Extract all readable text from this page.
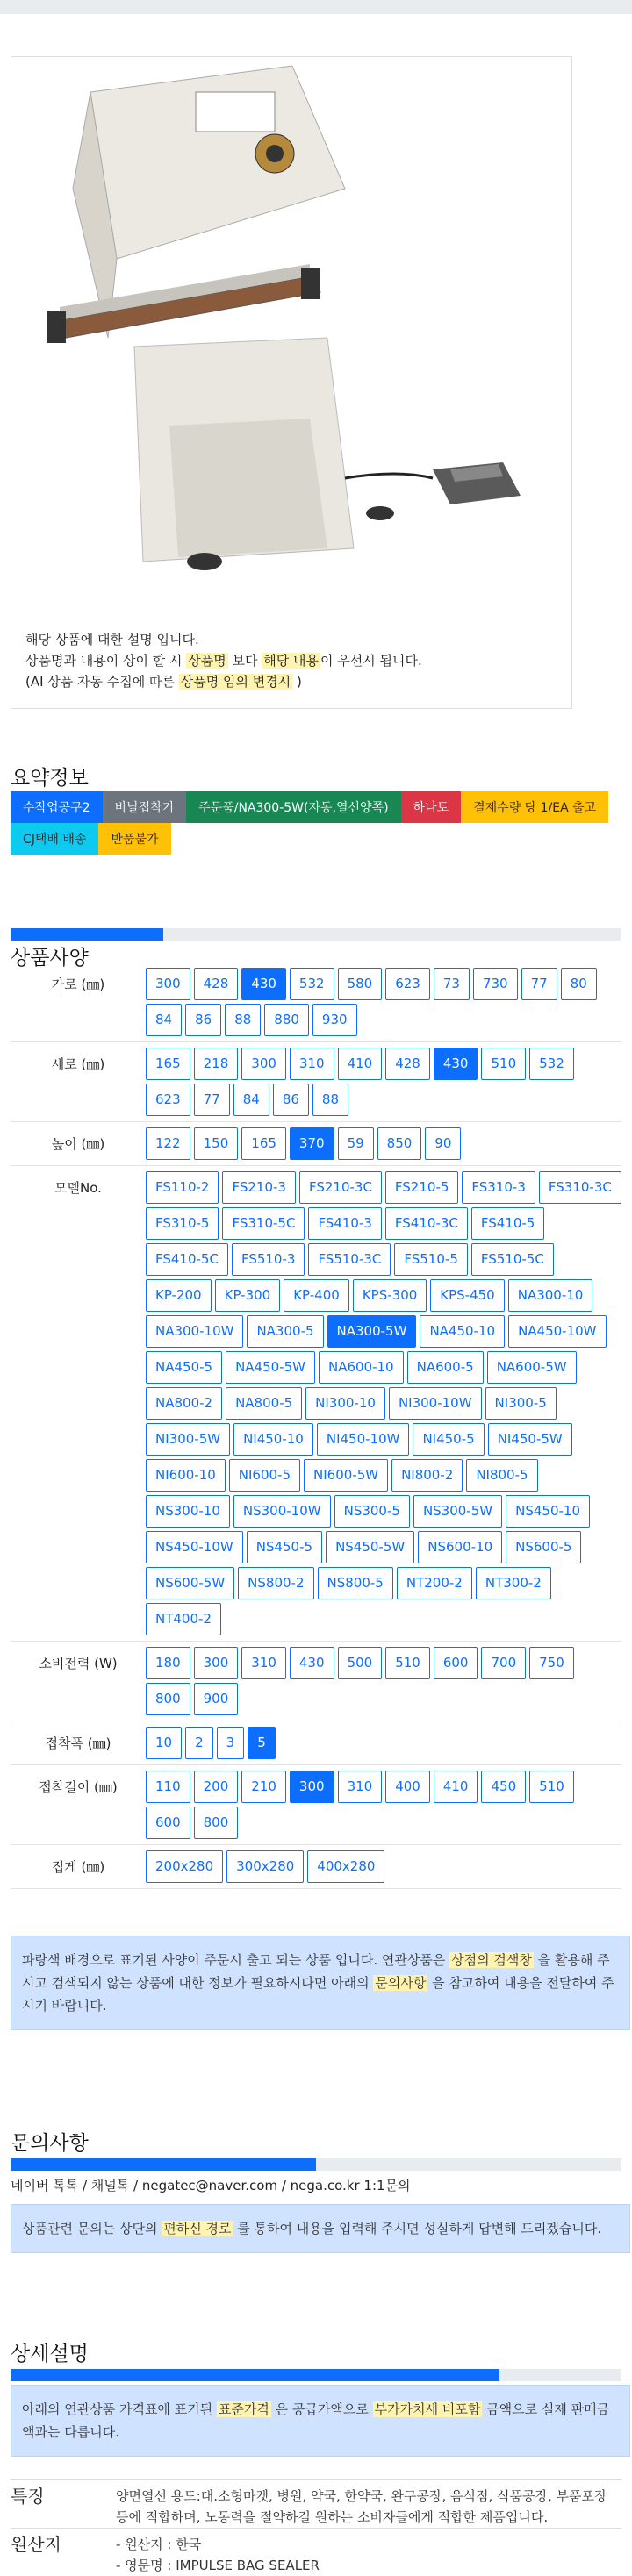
해당 상품에 대한 설명 입니다.
상품명과 내용이 상이 할 시 상품명 보다 해당 내용 이 우선시 됩니다.
(AI 상품 자동 수집에 따른 상품명 임의 변경시 )
요약정보
수작업공구2	비닐접착기	주문품/NA300-5W(자동,열선양쪽)	하나토	결제수량 당 1/EA 출고
CJ택배 배송	반품불가
상품사양
가로 (㎜)	300	428	430	532	580	623	73	730	77	80
84	86	88	880	930
세로 (㎜)	165	218	300	310	410	428	430	510	532
623	77	84	86	88
높이 (㎜)	122	150	165	370	59	850	90
모델No.	FS110-2	FS210-3	FS210-3C	FS210-5	FS310-3	FS310-3C
FS310-5	FS310-5C	FS410-3	FS410-3C	FS410-5
FS410-5C	FS510-3	FS510-3C	FS510-5	FS510-5C
KP-200	KP-300	KP-400	KPS-300	KPS-450	NA300-10
NA300-10W	NA300-5	NA300-5W	NA450-10	NA450-10W
NA450-5	NA450-5W	NA600-10	NA600-5	NA600-5W
NA800-2	NA800-5	NI300-10	NI300-10W	NI300-5
NI300-5W	NI450-10	NI450-10W	NI450-5	NI450-5W
NI600-10	NI600-5	NI600-5W	NI800-2	NI800-5
NS300-10	NS300-10W	NS300-5	NS300-5W	NS450-10
NS450-10W	NS450-5	NS450-5W	NS600-10	NS600-5
NS600-5W	NS800-2	NS800-5	NT200-2	NT300-2
NT400-2
소비전력 (W)	180	300	310	430	500	510	600	700	750
800	900
접착폭 (㎜)	10	2	3	5
접착길이 (㎜)	110	200	210	300	310	400	410	450	510
600	800
집게 (㎜)	200x280	300x280	400x280
파랑색 배경으로 표기된 사양이 주문시 출고 되는 상품 입니다. 연관상품은 상점의 검색창 을 활용해 주시고 검색되지 않는 상품에 대한 정보가 필요하시다면 아래의 문의사항 을 참고하여 내용을 전달하여 주시기 바랍니다.
문의사항
네이버 톡톡 / 채널톡 / negatec@naver.com / nega.co.kr 1:1문의
상품관련 문의는 상단의 편하신 경로 를 통하여 내용을 입력해 주시면 성실하게 답변해 드리겠습니다.
상세설명
아래의 연관상품 가격표에 표기된 표준가격 은 공급가액으로 부가가치세 비포함 금액으로 실제 판매금액과는 다릅니다.
특징	양면열선 용도:대.소형마켓, 병원, 약국, 한약국, 완구공장, 음식점, 식품공장, 부품포장 등에 적합하며, 노동력을 절약하길 원하는 소비자들에게 적합한 제품입니다.
원산지	- 원산지 : 한국
- 영문명 : IMPULSE BAG SEALER
